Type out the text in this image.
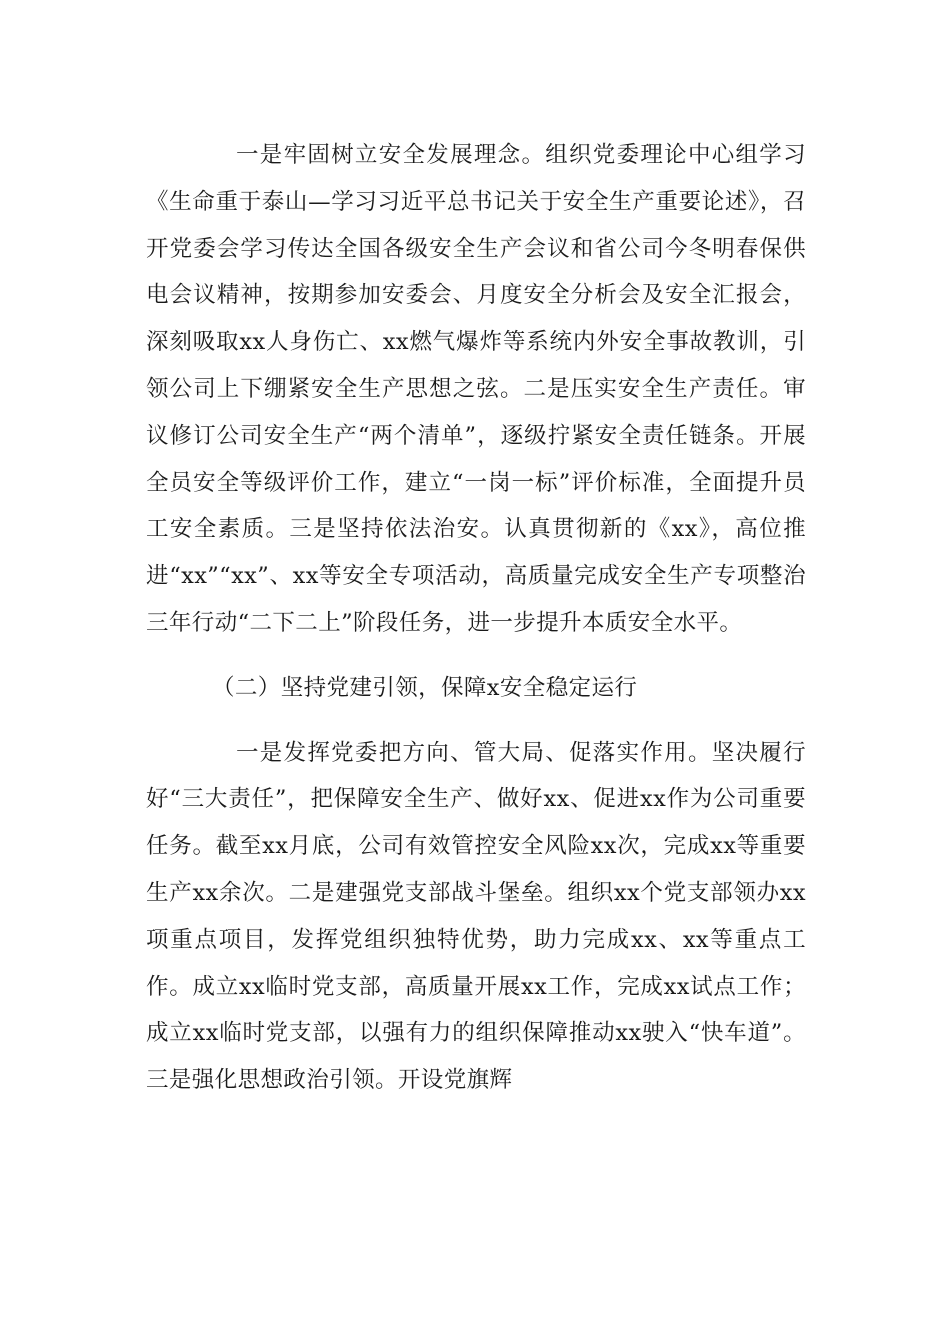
一是牢固树立安全发展理念。组织党委理论中心组学习《生命重于泰山—学习习近平总书记关于安全生产重要论述》，召开党委会学习传达全国各级安全生产会议和省公司今冬明春保供电会议精神，按期参加安委会、月度安全分析会及安全汇报会，深刻吸取xx人身伤亡、xx燃气爆炸等系统内外安全事故教训，引领公司上下绷紧安全生产思想之弦。二是压实安全生产责任。审议修订公司安全生产“两个清单”，逐级拧紧安全责任链条。开展全员安全等级评价工作，建立“一岗一标”评价标准，全面提升员工安全素质。三是坚持依法治安。认真贯彻新的《xx》，高位推进“xx”“xx”、xx等安全专项活动，高质量完成安全生产专项整治三年行动“二下二上”阶段任务，进一步提升本质安全水平。

（二）坚持党建引领，保障x安全稳定运行

一是发挥党委把方向、管大局、促落实作用。坚决履行好“三大责任”，把保障安全生产、做好xx、促进xx作为公司重要任务。截至xx月底，公司有效管控安全风险xx次，完成xx等重要生产xx余次。二是建强党支部战斗堡垒。组织xx个党支部领办xx项重点项目，发挥党组织独特优势，助力完成xx、xx等重点工作。成立xx临时党支部，高质量开展xx工作，完成xx试点工作；成立xx临时党支部，以强有力的组织保障推动xx驶入“快车道”。三是强化思想政治引领。开设党旗辉
